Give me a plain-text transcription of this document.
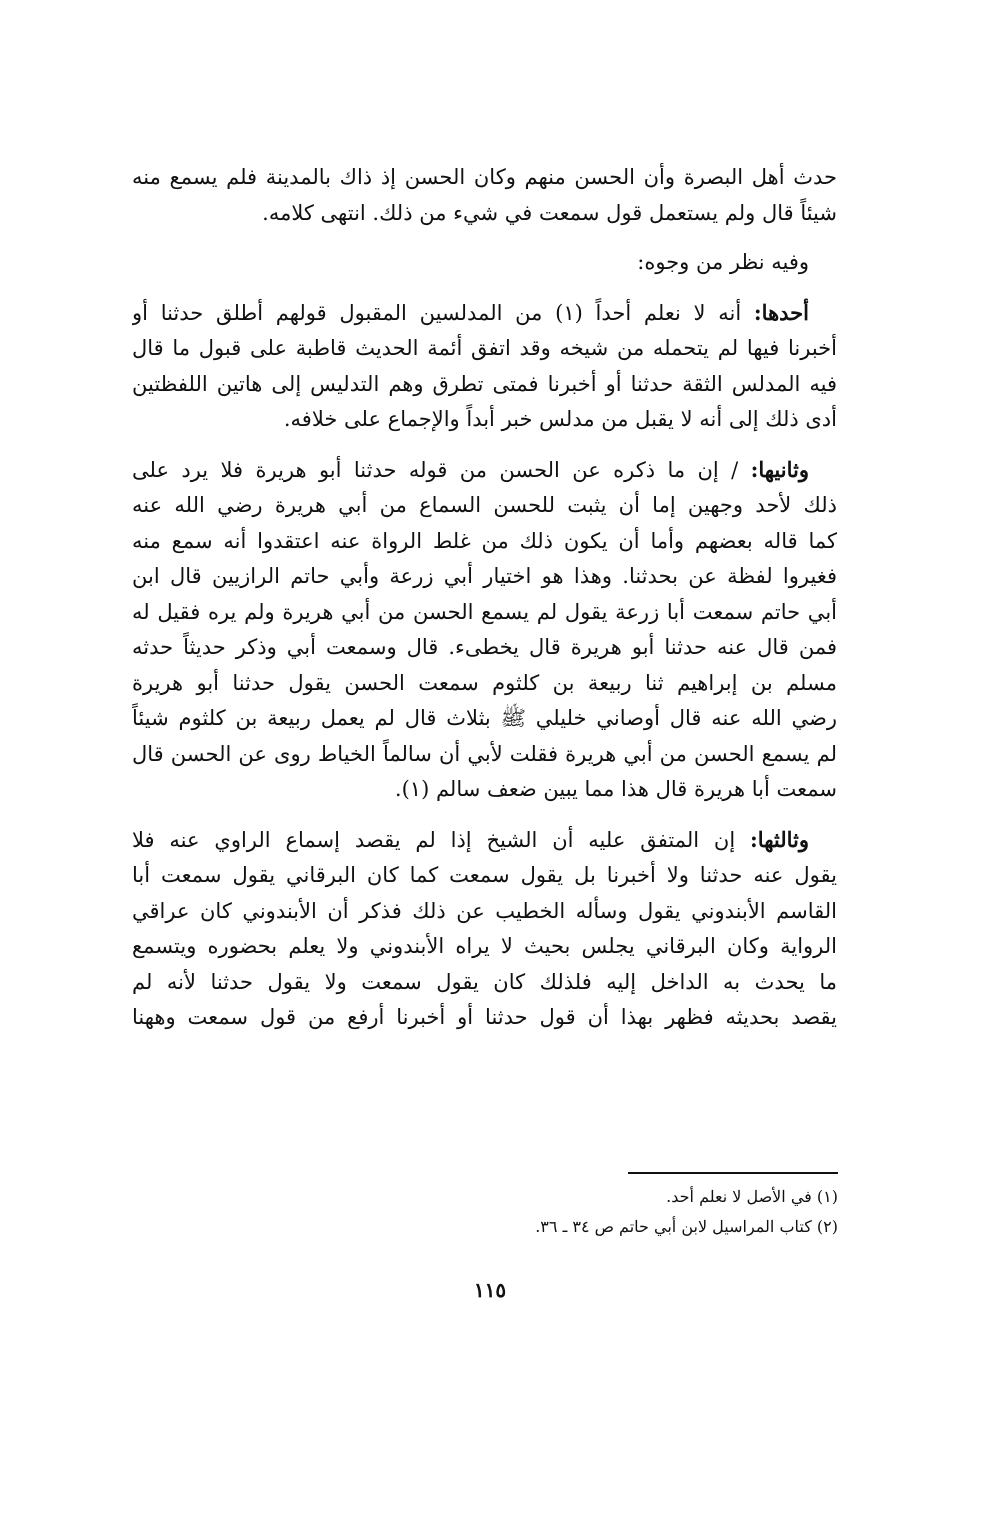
حدث أهل البصرة وأن الحسن منهم وكان الحسن إذ ذاك بالمدينة فلم يسمع منه
شيئاً قال ولم يستعمل قول سمعت في شيء من ذلك. انتهى كلامه.
وفيه نظر من وجوه:
أحدها: أنه لا نعلم أحداً (١) من المدلسين المقبول قولهم أطلق حدثنا أو
أخبرنا فيها لم يتحمله من شيخه وقد اتفق أئمة الحديث قاطبة على قبول ما قال
فيه المدلس الثقة حدثنا أو أخبرنا فمتى تطرق وهم التدليس إلى هاتين اللفظتين
أدى ذلك إلى أنه لا يقبل من مدلس خبر أبداً والإجماع على خلافه.
وثانيها: / إن ما ذكره عن الحسن من قوله حدثنا أبو هريرة فلا يرد على
ذلك لأحد وجهين إما أن يثبت للحسن السماع من أبي هريرة رضي الله عنه
كما قاله بعضهم وأما أن يكون ذلك من غلط الرواة عنه اعتقدوا أنه سمع منه
فغيروا لفظة عن بحدثنا. وهذا هو اختيار أبي زرعة وأبي حاتم الرازيين قال ابن
أبي حاتم سمعت أبا زرعة يقول لم يسمع الحسن من أبي هريرة ولم يره فقيل له
فمن قال عنه حدثنا أبو هريرة قال يخطىء. قال وسمعت أبي وذكر حديثاً حدثه
مسلم بن إبراهيم ثنا ربيعة بن كلثوم سمعت الحسن يقول حدثنا أبو هريرة
رضي الله عنه قال أوصاني خليلي ﷺ بثلاث قال لم يعمل ربيعة بن كلثوم شيئاً
لم يسمع الحسن من أبي هريرة فقلت لأبي أن سالماً الخياط روى عن الحسن قال
سمعت أبا هريرة قال هذا مما يبين ضعف سالم (١).
وثالثها: إن المتفق عليه أن الشيخ إذا لم يقصد إسماع الراوي عنه فلا
يقول عنه حدثنا ولا أخبرنا بل يقول سمعت كما كان البرقاني يقول سمعت أبا
القاسم الأبندوني يقول وسأله الخطيب عن ذلك فذكر أن الأبندوني كان عراقي
الرواية وكان البرقاني يجلس بحيث لا يراه الأبندوني ولا يعلم بحضوره ويتسمع
ما يحدث به الداخل إليه فلذلك كان يقول سمعت ولا يقول حدثنا لأنه لم
يقصد بحديثه فظهر بهذا أن قول حدثنا أو أخبرنا أرفع من قول سمعت وههنا
(١) في الأصل لا نعلم أحد.
(٢) كتاب المراسيل لابن أبي حاتم ص ٣٤ ـ ٣٦.
١١٥
